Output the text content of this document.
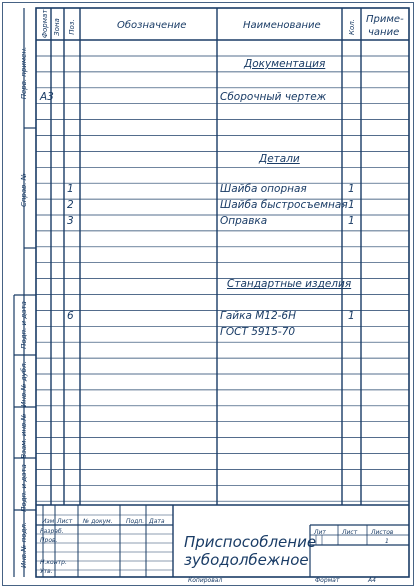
Формат Зона Поз.	Обозначение	Наименование	Кол. Приме-
чание
Документация
А3	Сборочный чертеж
Детали
1	Шайба опорная	1
2	Шайба быстросъемная 1
3	Оправка	1
Стандартные изделия
6	Гайка М12-6Н	1
ГОСТ 5915-70
Перв. примен.
Справ. №
Подп. и дата
Инв.№ дубл.
Взам. инв.№
Подп. и дата
Инв.№ подл.
Изм. Лист № докум. Подп. Дата
Разраб.
Пров.
Н.контр.
Утв.
Приспособление
зубодолбежное
Лит	Лист Листов
1
Копировал	Формат	А4
